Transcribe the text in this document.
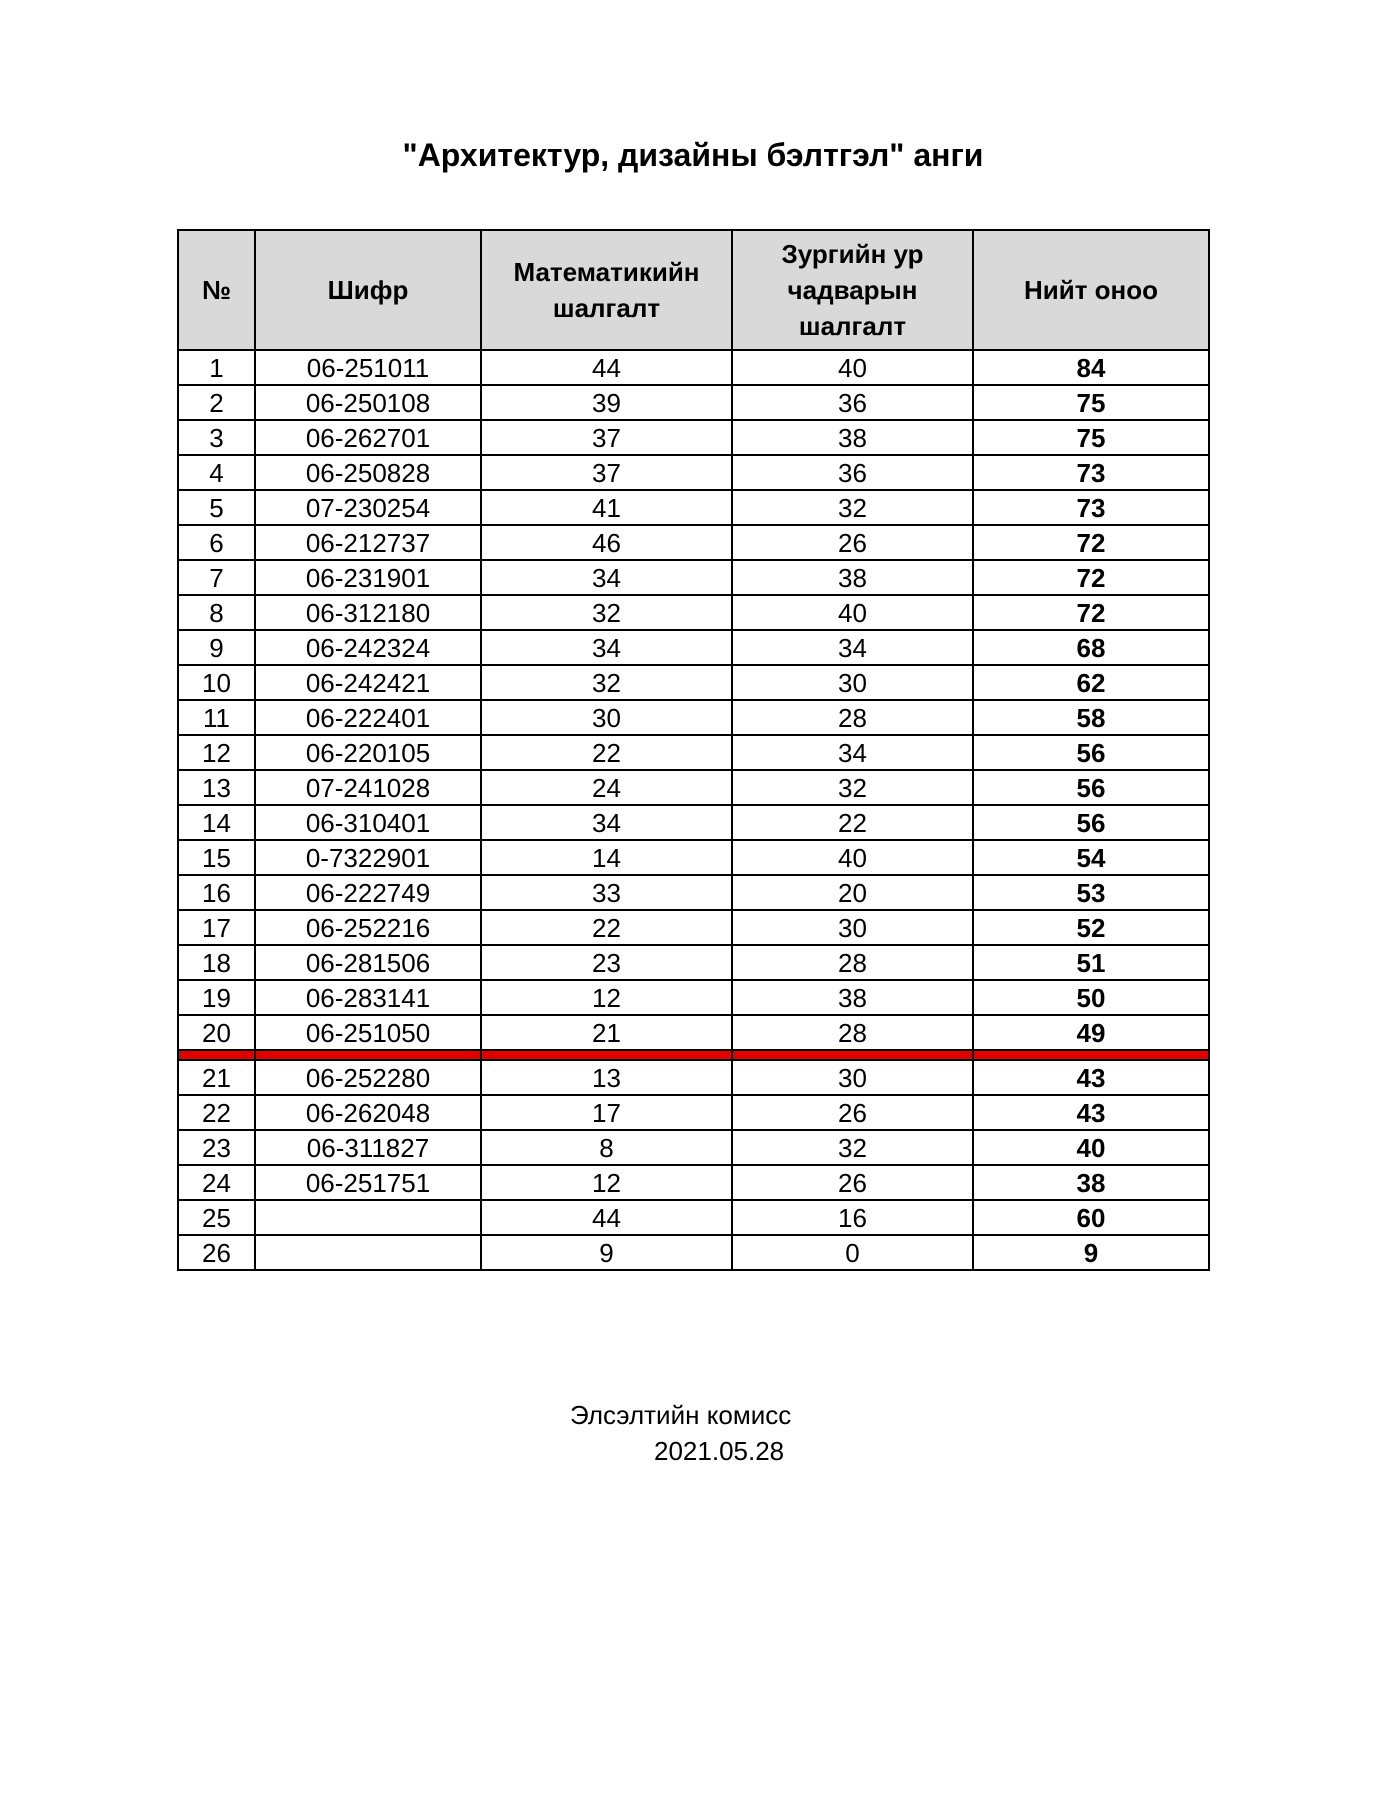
"Архитектур, дизайны бэлтгэл" анги
№	Шифр	Математикийн шалгалт	Зургийн ур чадварын шалгалт	Нийт оноо
1	06-251011	44	40	84
2	06-250108	39	36	75
3	06-262701	37	38	75
4	06-250828	37	36	73
5	07-230254	41	32	73
6	06-212737	46	26	72
7	06-231901	34	38	72
8	06-312180	32	40	72
9	06-242324	34	34	68
10	06-242421	32	30	62
11	06-222401	30	28	58
12	06-220105	22	34	56
13	07-241028	24	32	56
14	06-310401	34	22	56
15	0-7322901	14	40	54
16	06-222749	33	20	53
17	06-252216	22	30	52
18	06-281506	23	28	51
19	06-283141	12	38	50
20	06-251050	21	28	49

21	06-252280	13	30	43
22	06-262048	17	26	43
23	06-311827	8	32	40
24	06-251751	12	26	38
25		44	16	60
26		9	0	9
Элсэлтийн комисс
2021.05.28
